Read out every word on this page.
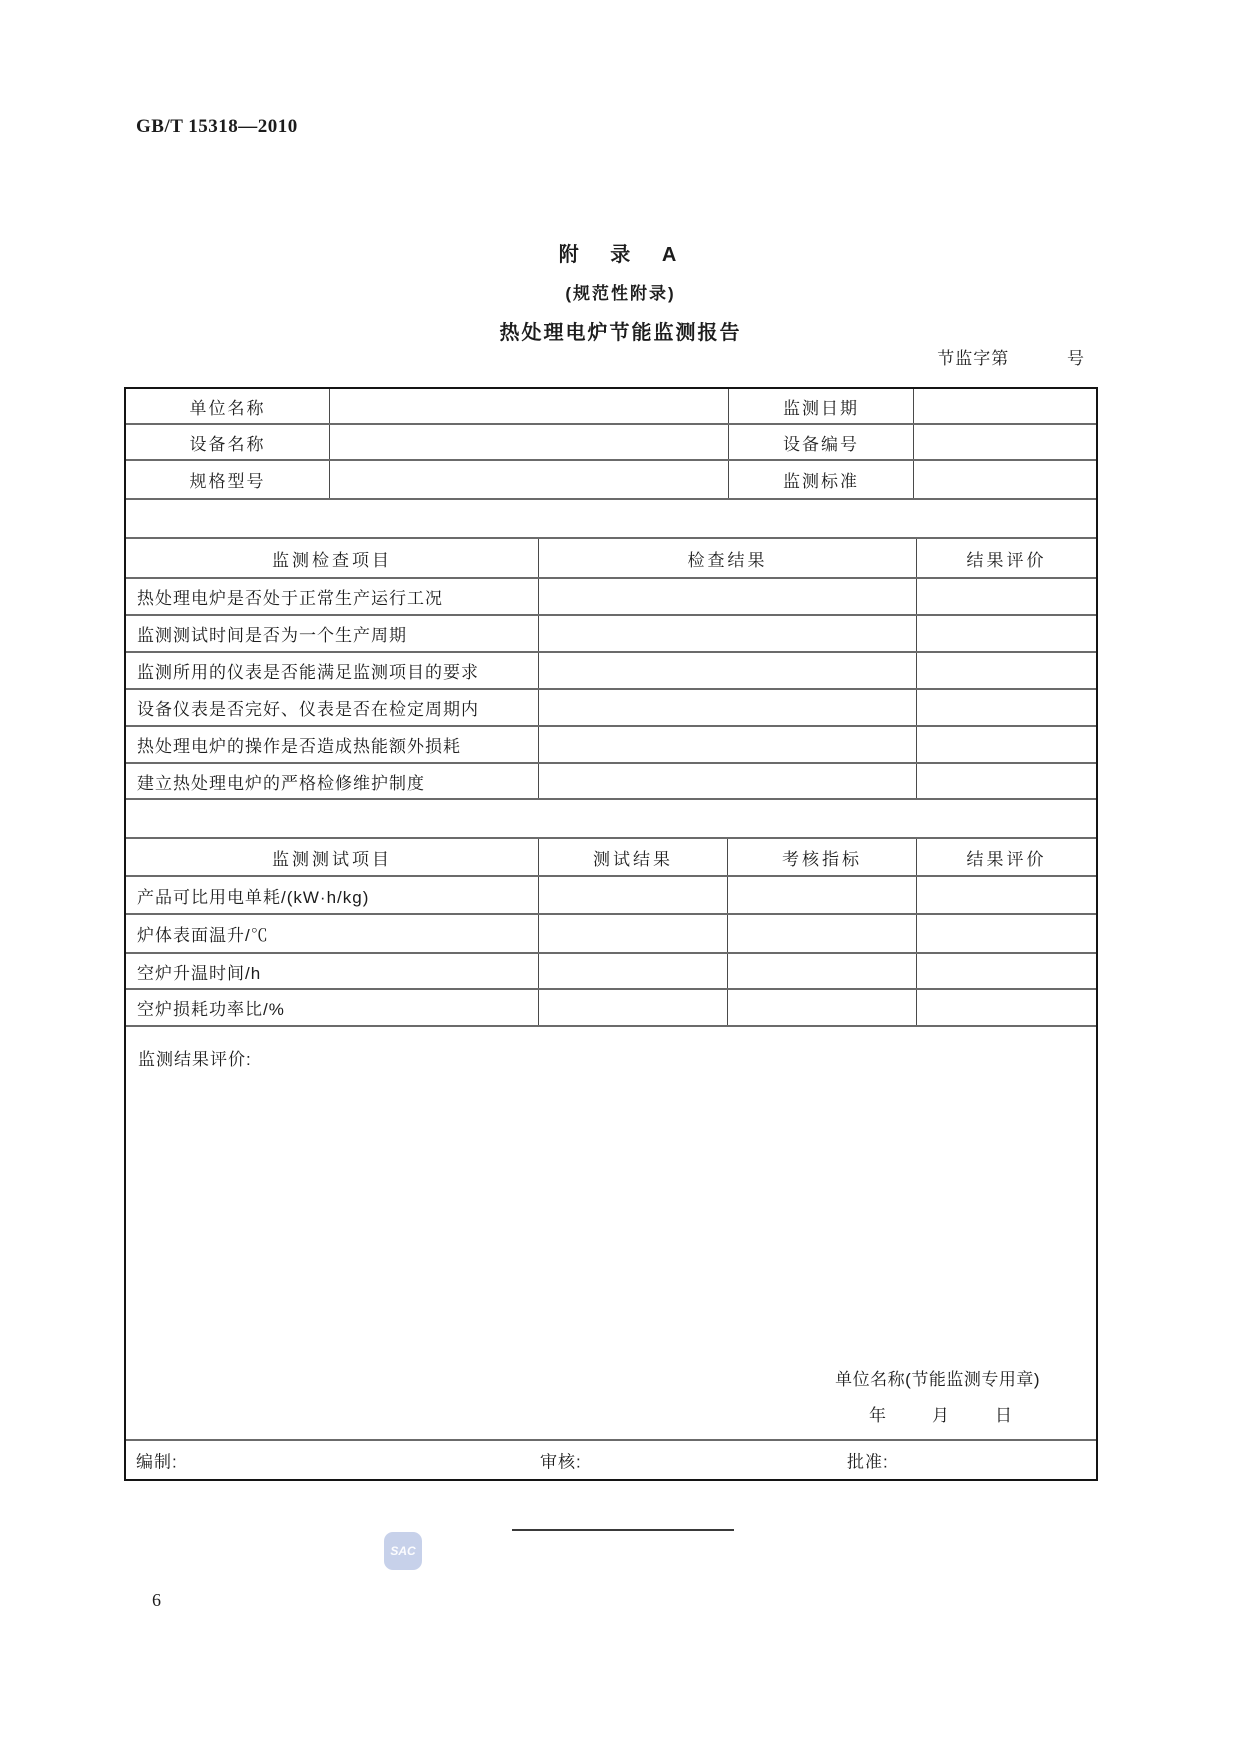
GB/T 15318—2010
附 录 A
(规范性附录)
热处理电炉节能监测报告
节监字第	号
单位名称	监测日期
设备名称	设备编号
规格型号	监测标准
监测检查项目	检查结果	结果评价
热处理电炉是否处于正常生产运行工况
监测测试时间是否为一个生产周期
监测所用的仪表是否能满足监测项目的要求
设备仪表是否完好、仪表是否在检定周期内
热处理电炉的操作是否造成热能额外损耗
建立热处理电炉的严格检修维护制度
监测测试项目	测试结果	考核指标	结果评价
产品可比用电单耗/(kW·h/kg)
炉体表面温升/℃
空炉升温时间/h
空炉损耗功率比/%
监测结果评价:
单位名称(节能监测专用章)
年	月	日
编制:	审核:	批准:
SAC
6
